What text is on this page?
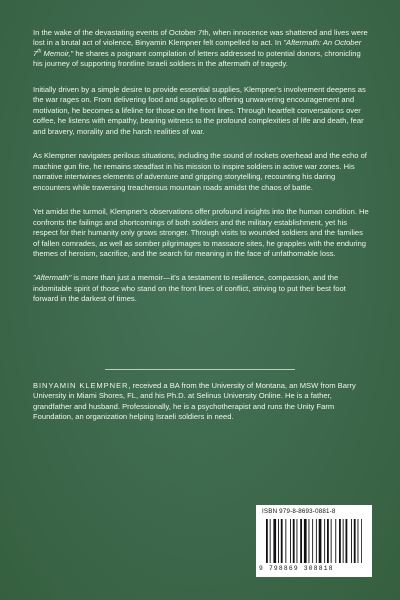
In the wake of the devastating events of October 7th, when innocence was shattered and lives were lost in a brutal act of violence, Binyamin Klempner felt compelled to act. In "Aftermath: An October 7th Memoir," he shares a poignant compilation of letters addressed to potential donors, chronicling his journey of supporting frontline Israeli soldiers in the aftermath of tragedy.

Initially driven by a simple desire to provide essential supplies, Klempner's involvement deepens as the war rages on. From delivering food and supplies to offering unwavering encouragement and motivation, he becomes a lifeline for those on the front lines. Through heartfelt conversations over coffee, he listens with empathy, bearing witness to the profound complexities of life and death, fear and bravery, morality and the harsh realities of war.

As Klempner navigates perilous situations, including the sound of rockets overhead and the echo of machine gun fire, he remains steadfast in his mission to inspire soldiers in active war zones. His narrative intertwines elements of adventure and gripping storytelling, recounting his daring encounters while traversing treacherous mountain roads amidst the chaos of battle.

Yet amidst the turmoil, Klempner's observations offer profound insights into the human condition. He confronts the failings and shortcomings of both soldiers and the military establishment, yet his respect for their humanity only grows stronger. Through visits to wounded soldiers and the families of fallen comrades, as well as somber pilgrimages to massacre sites, he grapples with the enduring themes of heroism, sacrifice, and the search for meaning in the face of unfathomable loss.

"Aftermath" is more than just a memoir—it's a testament to resilience, compassion, and the indomitable spirit of those who stand on the front lines of conflict, striving to put their best foot forward in the darkest of times.

BINYAMIN KLEMPNER, received a BA from the University of Montana, an MSW from Barry University in Miami Shores, FL, and his Ph.D. at Selinus University Online. He is a father, grandfather and husband. Professionally, he is a psychotherapist and runs the Unity Farm Foundation, an organization helping Israeli soldiers in need.
ISBN 979-8-8693-0881-8
9 798869 308818
